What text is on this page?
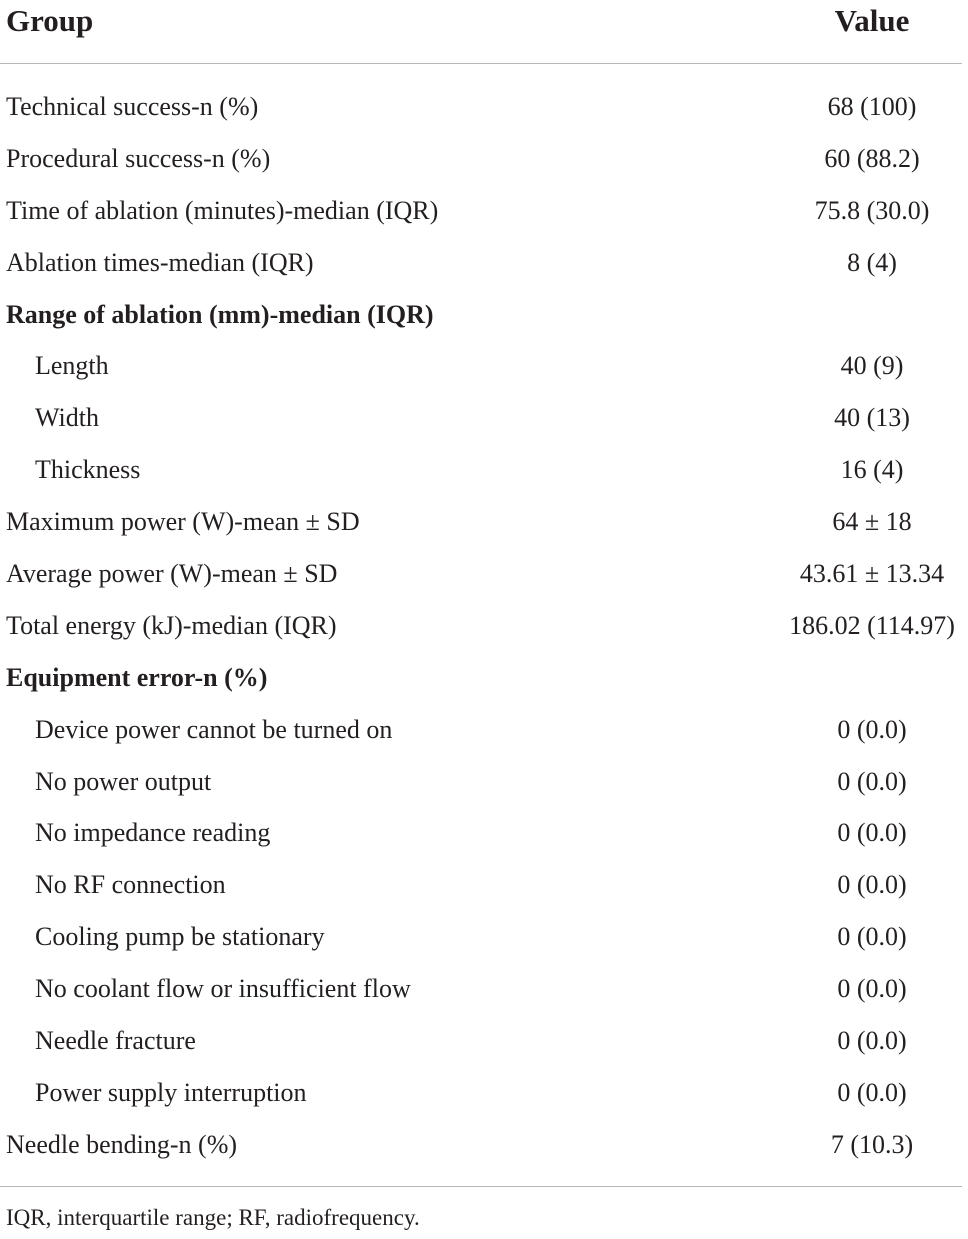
Group	Value
Technical success-n (%)	68 (100)
Procedural success-n (%)	60 (88.2)
Time of ablation (minutes)-median (IQR)	75.8 (30.0)
Ablation times-median (IQR)	8 (4)
Range of ablation (mm)-median (IQR)
Length	40 (9)
Width	40 (13)
Thickness	16 (4)
Maximum power (W)-mean ± SD	64 ± 18
Average power (W)-mean ± SD	43.61 ± 13.34
Total energy (kJ)-median (IQR)	186.02 (114.97)
Equipment error-n (%)
Device power cannot be turned on	0 (0.0)
No power output	0 (0.0)
No impedance reading	0 (0.0)
No RF connection	0 (0.0)
Cooling pump be stationary	0 (0.0)
No coolant flow or insufficient flow	0 (0.0)
Needle fracture	0 (0.0)
Power supply interruption	0 (0.0)
Needle bending-n (%)	7 (10.3)
IQR, interquartile range; RF, radiofrequency.
